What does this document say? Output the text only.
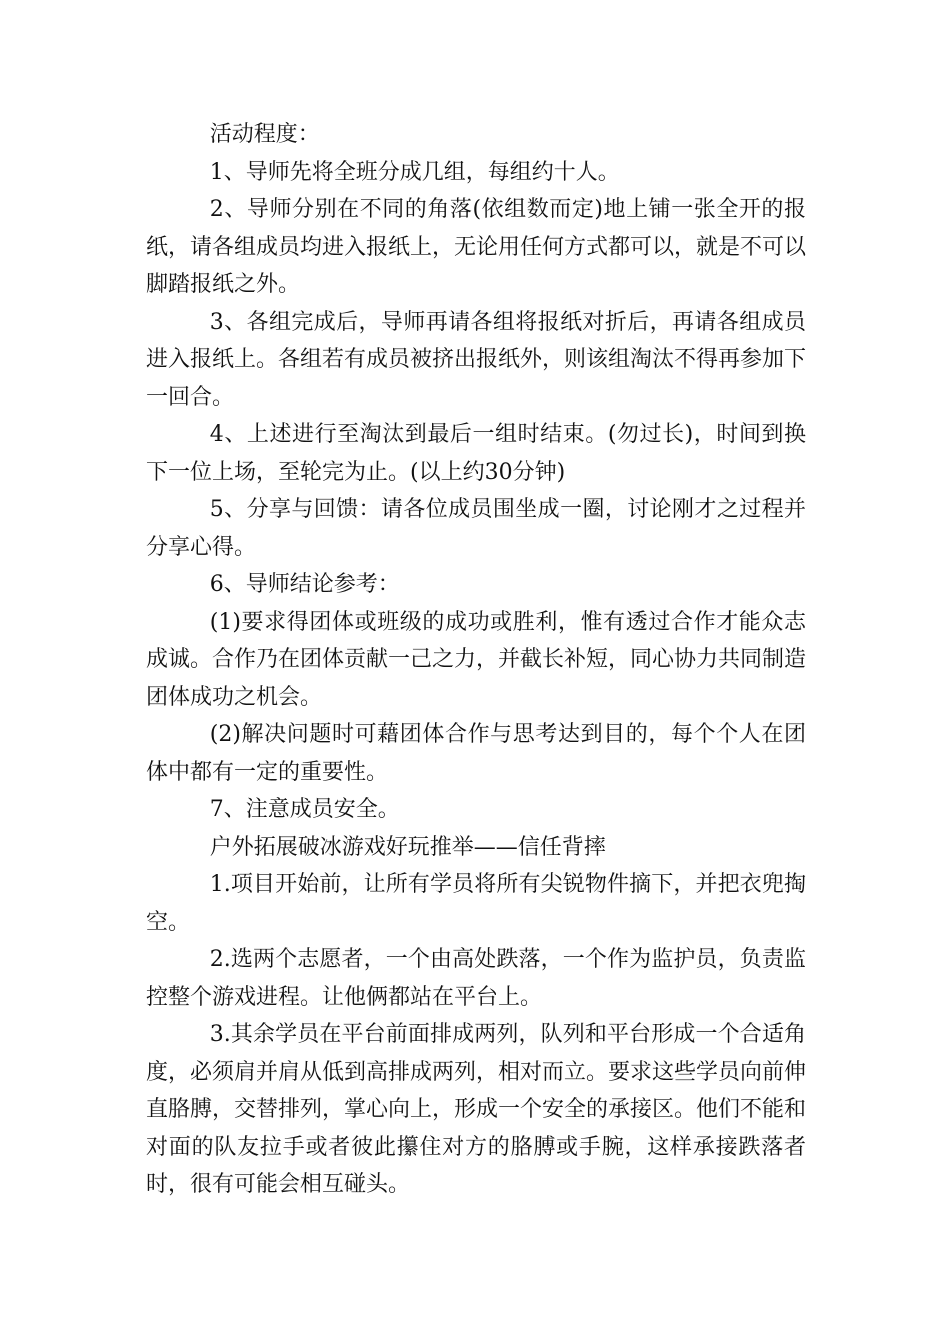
活动程度：

1、导师先将全班分成几组，每组约十人。

2、导师分别在不同的角落(依组数而定)地上铺一张全开的报纸，请各组成员均进入报纸上，无论用任何方式都可以，就是不可以脚踏报纸之外。

3、各组完成后，导师再请各组将报纸对折后，再请各组成员进入报纸上。各组若有成员被挤出报纸外，则该组淘汰不得再参加下一回合。

4、上述进行至淘汰到最后一组时结束。(勿过长)，时间到换下一位上场，至轮完为止。(以上约30分钟)

5、分享与回馈：请各位成员围坐成一圈，讨论刚才之过程并分享心得。

6、导师结论参考：

(1)要求得团体或班级的成功或胜利，惟有透过合作才能众志成诚。合作乃在团体贡献一己之力，并截长补短，同心协力共同制造团体成功之机会。

(2)解决问题时可藉团体合作与思考达到目的，每个个人在团体中都有一定的重要性。

7、注意成员安全。

户外拓展破冰游戏好玩推举——信任背摔

1.项目开始前，让所有学员将所有尖锐物件摘下，并把衣兜掏空。

2.选两个志愿者，一个由高处跌落，一个作为监护员，负责监控整个游戏进程。让他俩都站在平台上。

3.其余学员在平台前面排成两列，队列和平台形成一个合适角度，必须肩并肩从低到高排成两列，相对而立。要求这些学员向前伸直胳膊，交替排列，掌心向上，形成一个安全的承接区。他们不能和对面的队友拉手或者彼此攥住对方的胳膊或手腕，这样承接跌落者时，很有可能会相互碰头。
